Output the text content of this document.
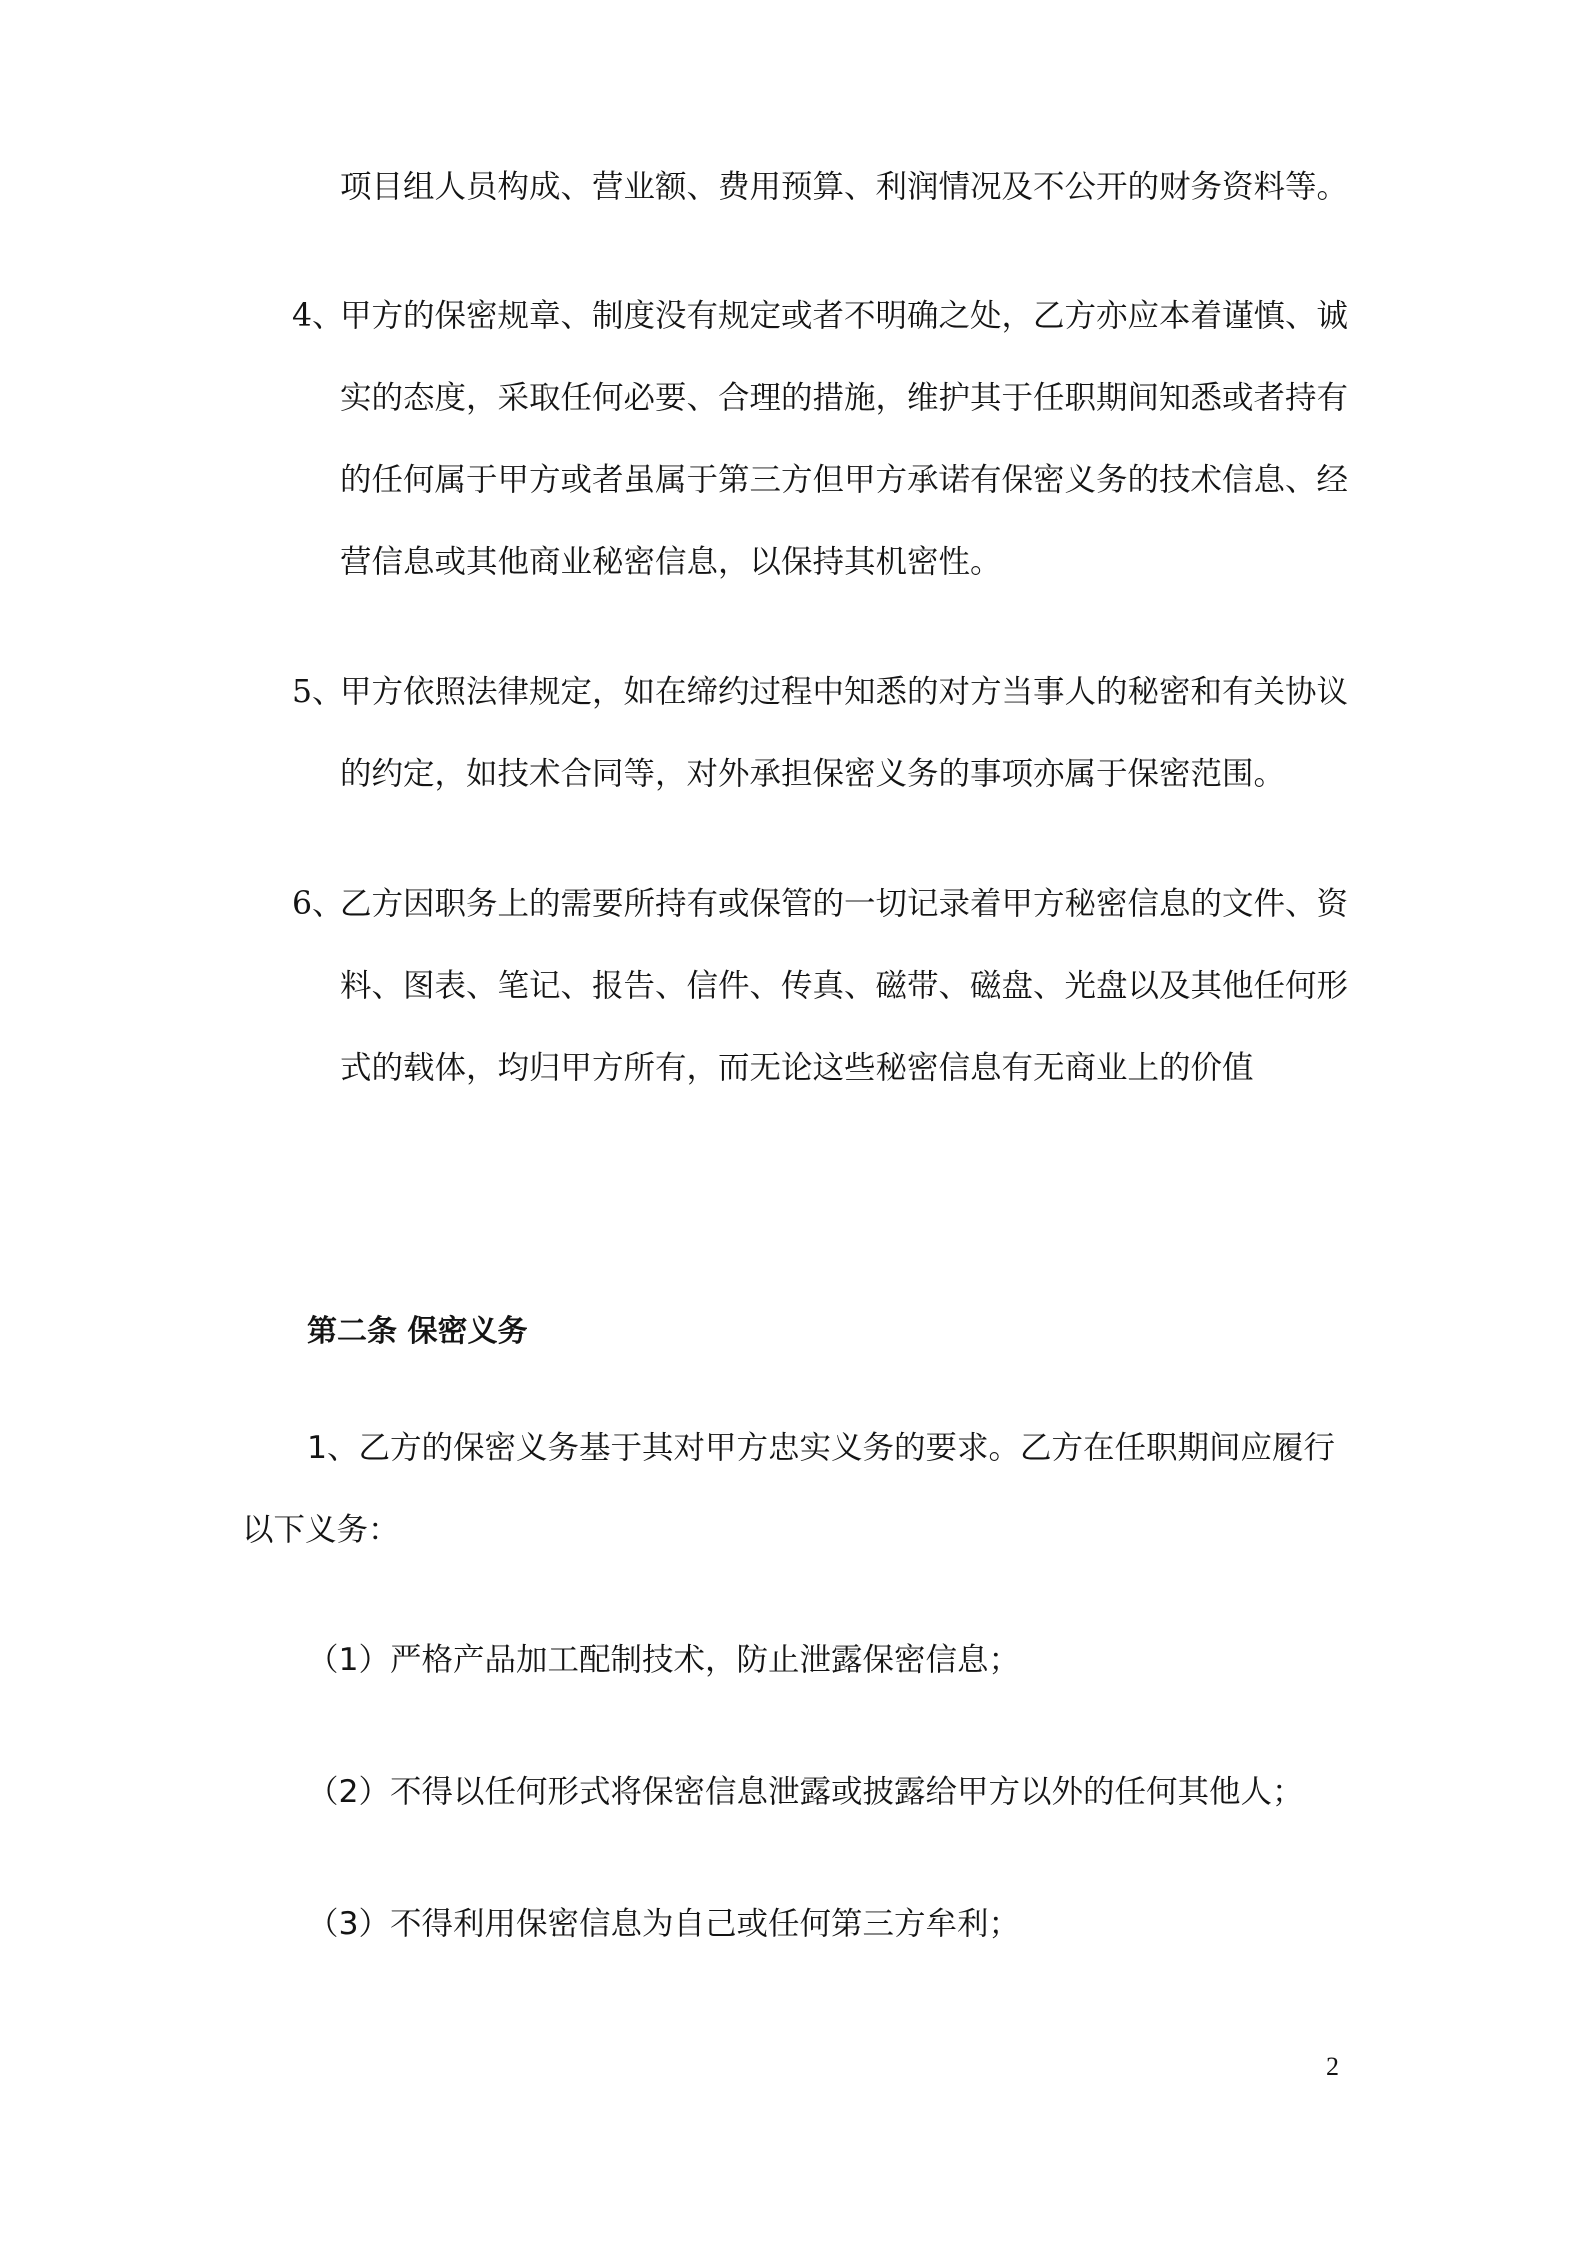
项目组人员构成、营业额、费用预算、利润情况及不公开的财务资料等。
4、
甲方的保密规章、制度没有规定或者不明确之处，乙方亦应本着谨慎、诚
实的态度，采取任何必要、合理的措施，维护其于任职期间知悉或者持有
的任何属于甲方或者虽属于第三方但甲方承诺有保密义务的技术信息、经
营信息或其他商业秘密信息，以保持其机密性。
5、
甲方依照法律规定，如在缔约过程中知悉的对方当事人的秘密和有关协议
的约定，如技术合同等，对外承担保密义务的事项亦属于保密范围。
6、
乙方因职务上的需要所持有或保管的一切记录着甲方秘密信息的文件、资
料、图表、笔记、报告、信件、传真、磁带、磁盘、光盘以及其他任何形
式的载体，均归甲方所有，而无论这些秘密信息有无商业上的价值
第二条 保密义务
1、乙方的保密义务基于其对甲方忠实义务的要求。乙方在任职期间应履行
以下义务：
（1）严格产品加工配制技术，防止泄露保密信息；
（2）不得以任何形式将保密信息泄露或披露给甲方以外的任何其他人；
（3）不得利用保密信息为自己或任何第三方牟利；
2
